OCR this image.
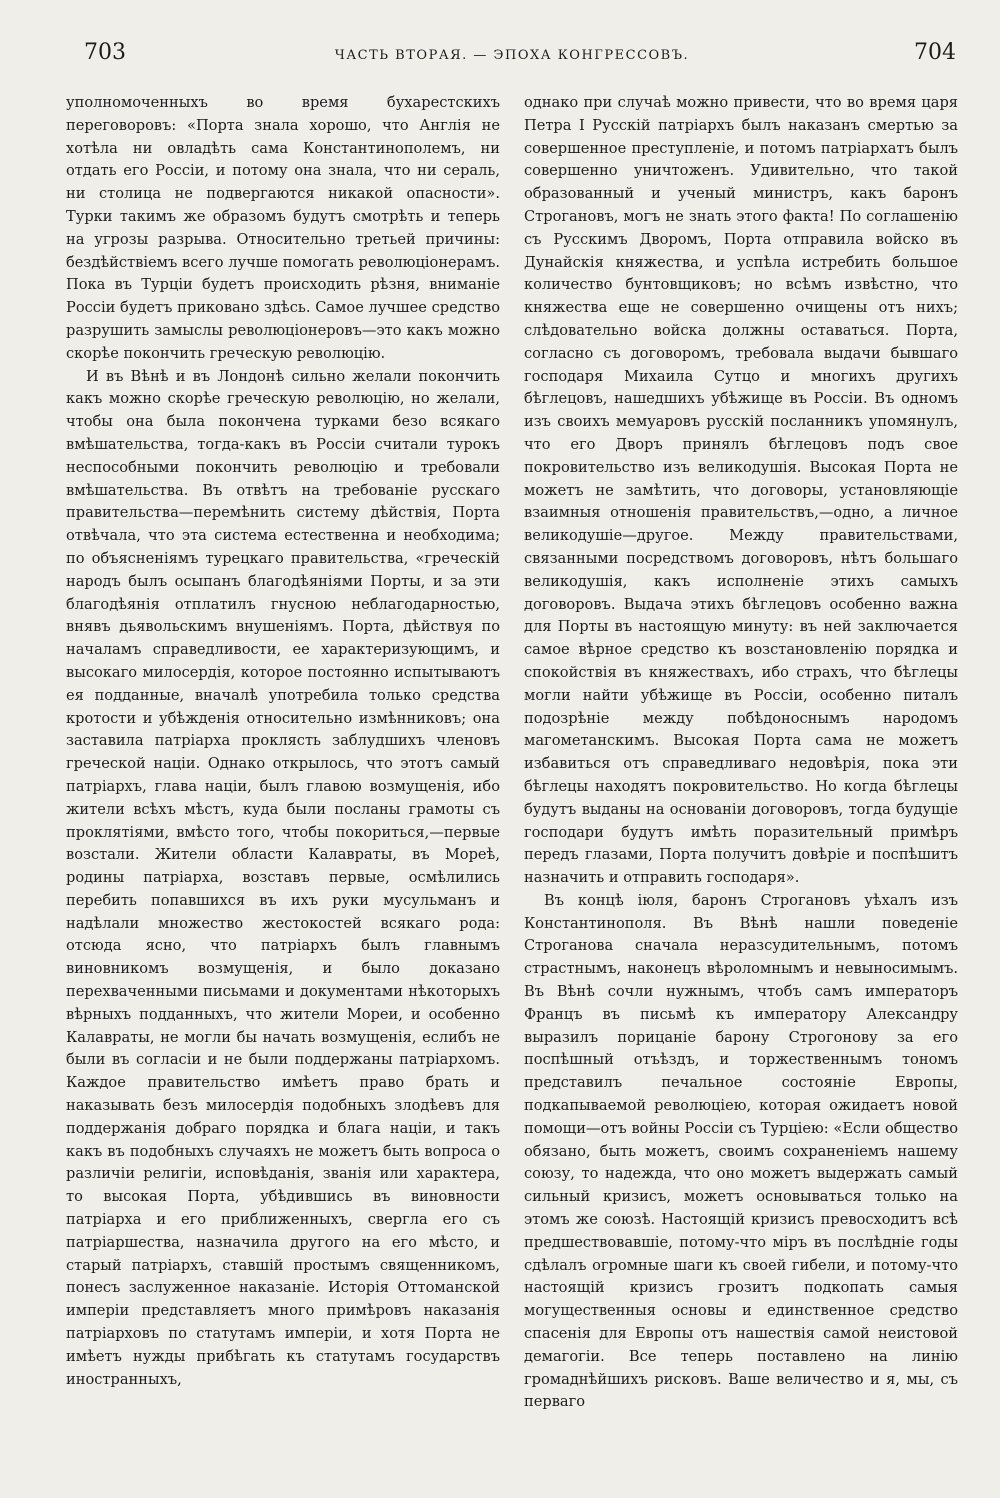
703	ЧАСТЬ ВТОРАЯ. — ЭПОХА КОНГРЕССОВЪ.	704

уполномоченныхъ во время бухарестскихъ переговоровъ: «Порта знала хорошо, что Англія не хотѣла ни овладѣть сама Константинополемъ, ни отдать его Россіи, и потому она знала, что ни сераль, ни столица не подвергаются никакой опасности». Турки такимъ же образомъ будутъ смотрѣть и теперь на угрозы разрыва. Относительно третьей причины: бездѣйствіемъ всего лучше помогать революціонерамъ. Пока въ Турціи будетъ происходить рѣзня, вниманіе Россіи будетъ приковано здѣсь. Самое лучшее средство разрушить замыслы революціонеровъ—это какъ можно скорѣе покончить греческую революцію.

И въ Вѣнѣ и въ Лондонѣ сильно желали покончить какъ можно скорѣе греческую революцію, но желали, чтобы она была покончена турками безо всякаго вмѣшательства, тогда-какъ въ Россіи считали турокъ неспособными покончить революцію и требовали вмѣшательства. Въ отвѣтъ на требованіе русскаго правительства—перемѣнить систему дѣйствія, Порта отвѣчала, что эта система естественна и необходима; по объясненіямъ турецкаго правительства, «греческій народъ былъ осыпанъ благодѣяніями Порты, и за эти благодѣянія отплатилъ гнусною неблагодарностью, внявъ дьявольскимъ внушеніямъ. Порта, дѣйствуя по началамъ справедливости, ее характеризующимъ, и высокаго милосердія, которое постоянно испытываютъ ея подданные, вначалѣ употребила только средства кротости и убѣжденія относительно измѣнниковъ; она заставила патріарха проклясть заблудшихъ членовъ греческой націи. Однако открылось, что этотъ самый патріархъ, глава націи, былъ главою возмущенія, ибо жители всѣхъ мѣстъ, куда были посланы грамоты съ проклятіями, вмѣсто того, чтобы покориться,—первые возстали. Жители области Калавраты, въ Мореѣ, родины патріарха, возставъ первые, осмѣлились перебить попавшихся въ ихъ руки мусульманъ и надѣлали множество жестокостей всякаго рода: отсюда ясно, что патріархъ былъ главнымъ виновникомъ возмущенія, и было доказано перехваченными письмами и документами нѣкоторыхъ вѣрныхъ подданныхъ, что жители Мореи, и особенно Калавраты, не могли бы начать возмущенія, еслибъ не были въ согласіи и не были поддержаны патріархомъ. Каждое правительство имѣетъ право брать и наказывать безъ милосердія подобныхъ злодѣевъ для поддержанія добраго порядка и блага націи, и такъ какъ въ подобныхъ случаяхъ не можетъ быть вопроса о различіи религіи, исповѣданія, званія или характера, то высокая Порта, убѣдившись въ виновности патріарха и его приближенныхъ, свергла его съ патріаршества, назначила другого на его мѣсто, и старый патріархъ, ставшій простымъ священникомъ, понесъ заслуженное наказаніе. Исторія Оттоманской имперіи представляетъ много примѣровъ наказанія патріарховъ по статутамъ имперіи, и хотя Порта не имѣетъ нужды прибѣгать къ статутамъ государствъ иностранныхъ,

однако при случаѣ можно привести, что во время царя Петра I Русскій патріархъ былъ наказанъ смертью за совершенное преступленіе, и потомъ патріархатъ былъ совершенно уничтоженъ. Удивительно, что такой образованный и ученый министръ, какъ баронъ Строгановъ, могъ не знать этого факта! По соглашенію съ Русскимъ Дворомъ, Порта отправила войско въ Дунайскія княжества, и успѣла истребить большое количество бунтовщиковъ; но всѣмъ извѣстно, что княжества еще не совершенно очищены отъ нихъ; слѣдовательно войска должны оставаться. Порта, согласно съ договоромъ, требовала выдачи бывшаго господаря Михаила Сутцо и многихъ другихъ бѣглецовъ, нашедшихъ убѣжище въ Россіи. Въ одномъ изъ своихъ мемуаровъ русскій посланникъ упомянулъ, что его Дворъ принялъ бѣглецовъ подъ свое покровительство изъ великодушія. Высокая Порта не можетъ не замѣтить, что договоры, установляющіе взаимныя отношенія правительствъ,—одно, а личное великодушіе—другое. Между правительствами, связанными посредствомъ договоровъ, нѣтъ большаго великодушія, какъ исполненіе этихъ самыхъ договоровъ. Выдача этихъ бѣглецовъ особенно важна для Порты въ настоящую минуту: въ ней заключается самое вѣрное средство къ возстановленію порядка и спокойствія въ княжествахъ, ибо страхъ, что бѣглецы могли найти убѣжище въ Россіи, особенно питалъ подозрѣніе между побѣдоноснымъ народомъ магометанскимъ. Высокая Порта сама не можетъ избавиться отъ справедливаго недовѣрія, пока эти бѣглецы находятъ покровительство. Но когда бѣглецы будутъ выданы на основаніи договоровъ, тогда будущіе господари будутъ имѣть поразительный примѣръ передъ глазами, Порта получитъ довѣріе и поспѣшитъ назначить и отправить господаря».

Въ концѣ іюля, баронъ Строгановъ уѣхалъ изъ Константинополя. Въ Вѣнѣ нашли поведеніе Строганова сначала неразсудительнымъ, потомъ страстнымъ, наконецъ вѣроломнымъ и невыносимымъ. Въ Вѣнѣ сочли нужнымъ, чтобъ самъ императоръ Францъ въ письмѣ къ императору Александру выразилъ порицаніе барону Строгонову за его поспѣшный отъѣздъ, и торжественнымъ тономъ представилъ печальное состояніе Европы, подкапываемой революціею, которая ожидаетъ новой помощи—отъ войны Россіи съ Турціею: «Если общество обязано, быть можетъ, своимъ сохраненіемъ нашему союзу, то надежда, что оно можетъ выдержать самый сильный кризисъ, можетъ основываться только на этомъ же союзѣ. Настоящій кризисъ превосходитъ всѣ предшествовавшіе, потому-что міръ въ послѣдніе годы сдѣлалъ огромные шаги къ своей гибели, и потому-что настоящій кризисъ грозитъ подкопать самыя могущественныя основы и единственное средство спасенія для Европы отъ нашествія самой неистовой демагогіи. Все теперь поставлено на линію громаднѣйшихъ рисковъ. Ваше величество и я, мы, съ перваго
